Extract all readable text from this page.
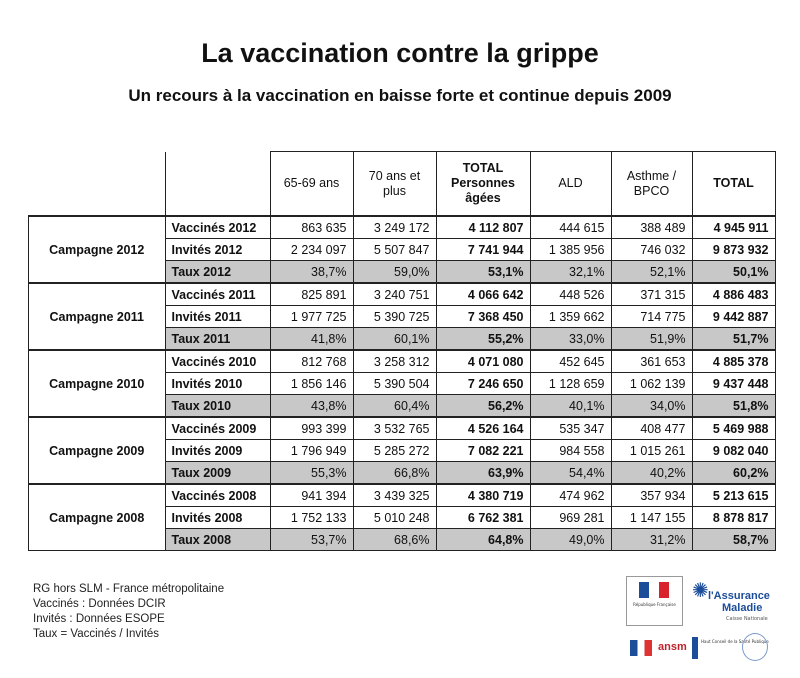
La vaccination contre la grippe
Un recours à la vaccination en baisse forte et continue depuis 2009
		65-69 ans	70 ans et plus	TOTAL Personnes âgées	ALD	Asthme / BPCO	TOTAL
Campagne 2012	Vaccinés 2012	863 635	3 249 172	4 112 807	444 615	388 489	4 945 911
	Invités 2012	2 234 097	5 507 847	7 741 944	1 385 956	746 032	9 873 932
	Taux 2012	38,7%	59,0%	53,1%	32,1%	52,1%	50,1%
Campagne 2011	Vaccinés 2011	825 891	3 240 751	4 066 642	448 526	371 315	4 886 483
	Invités 2011	1 977 725	5 390 725	7 368 450	1 359 662	714 775	9 442 887
	Taux 2011	41,8%	60,1%	55,2%	33,0%	51,9%	51,7%
Campagne 2010	Vaccinés 2010	812 768	3 258 312	4 071 080	452 645	361 653	4 885 378
	Invités 2010	1 856 146	5 390 504	7 246 650	1 128 659	1 062 139	9 437 448
	Taux 2010	43,8%	60,4%	56,2%	40,1%	34,0%	51,8%
Campagne 2009	Vaccinés 2009	993 399	3 532 765	4 526 164	535 347	408 477	5 469 988
	Invités 2009	1 796 949	5 285 272	7 082 221	984 558	1 015 261	9 082 040
	Taux 2009	55,3%	66,8%	63,9%	54,4%	40,2%	60,2%
Campagne 2008	Vaccinés 2008	941 394	3 439 325	4 380 719	474 962	357 934	5 213 615
	Invités 2008	1 752 133	5 010 248	6 762 381	969 281	1 147 155	8 878 817
	Taux 2008	53,7%	68,6%	64,8%	49,0%	31,2%	58,7%
RG hors SLM - France métropolitaine
Vaccinés : Données DCIR
Invités : Données ESOPE
Taux = Vaccinés / Invités
République Française
✺ l'Assurance
Maladie
Caisse Nationale
ansm	Haut Conseil de la Santé Publique
